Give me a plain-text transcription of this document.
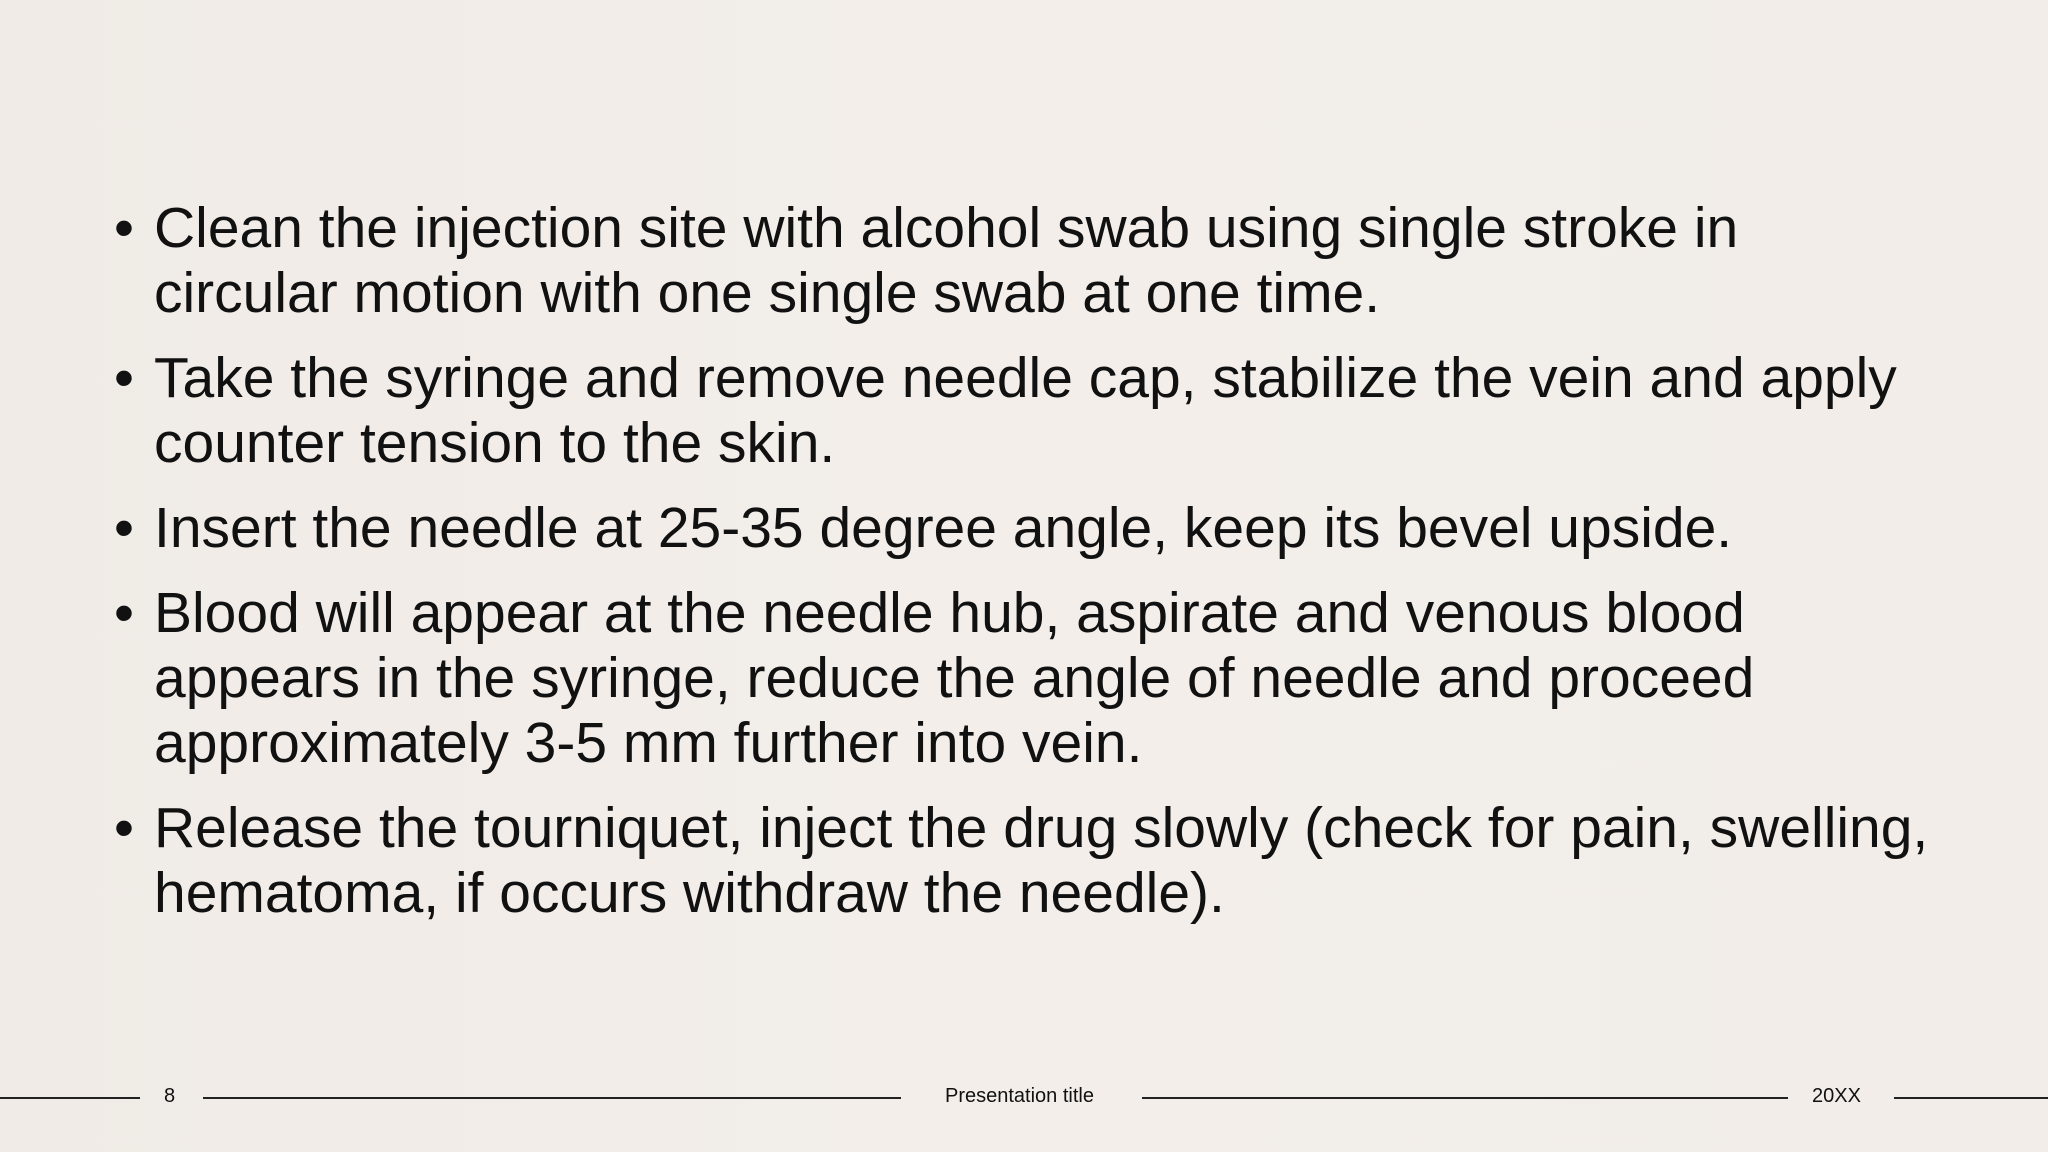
• Clean the injection site with alcohol swab using single stroke in circular motion with one single swab at one time.
• Take the syringe and remove needle cap, stabilize the vein and apply counter tension to the skin.
• Insert the needle at 25-35 degree angle, keep its bevel upside.
• Blood will appear at the needle hub, aspirate and venous blood appears in the syringe, reduce the angle of needle and proceed approximately 3-5 mm further into vein.
• Release the tourniquet, inject the drug slowly (check for pain, swelling, hematoma, if occurs withdraw the needle).
8	Presentation title	20XX
